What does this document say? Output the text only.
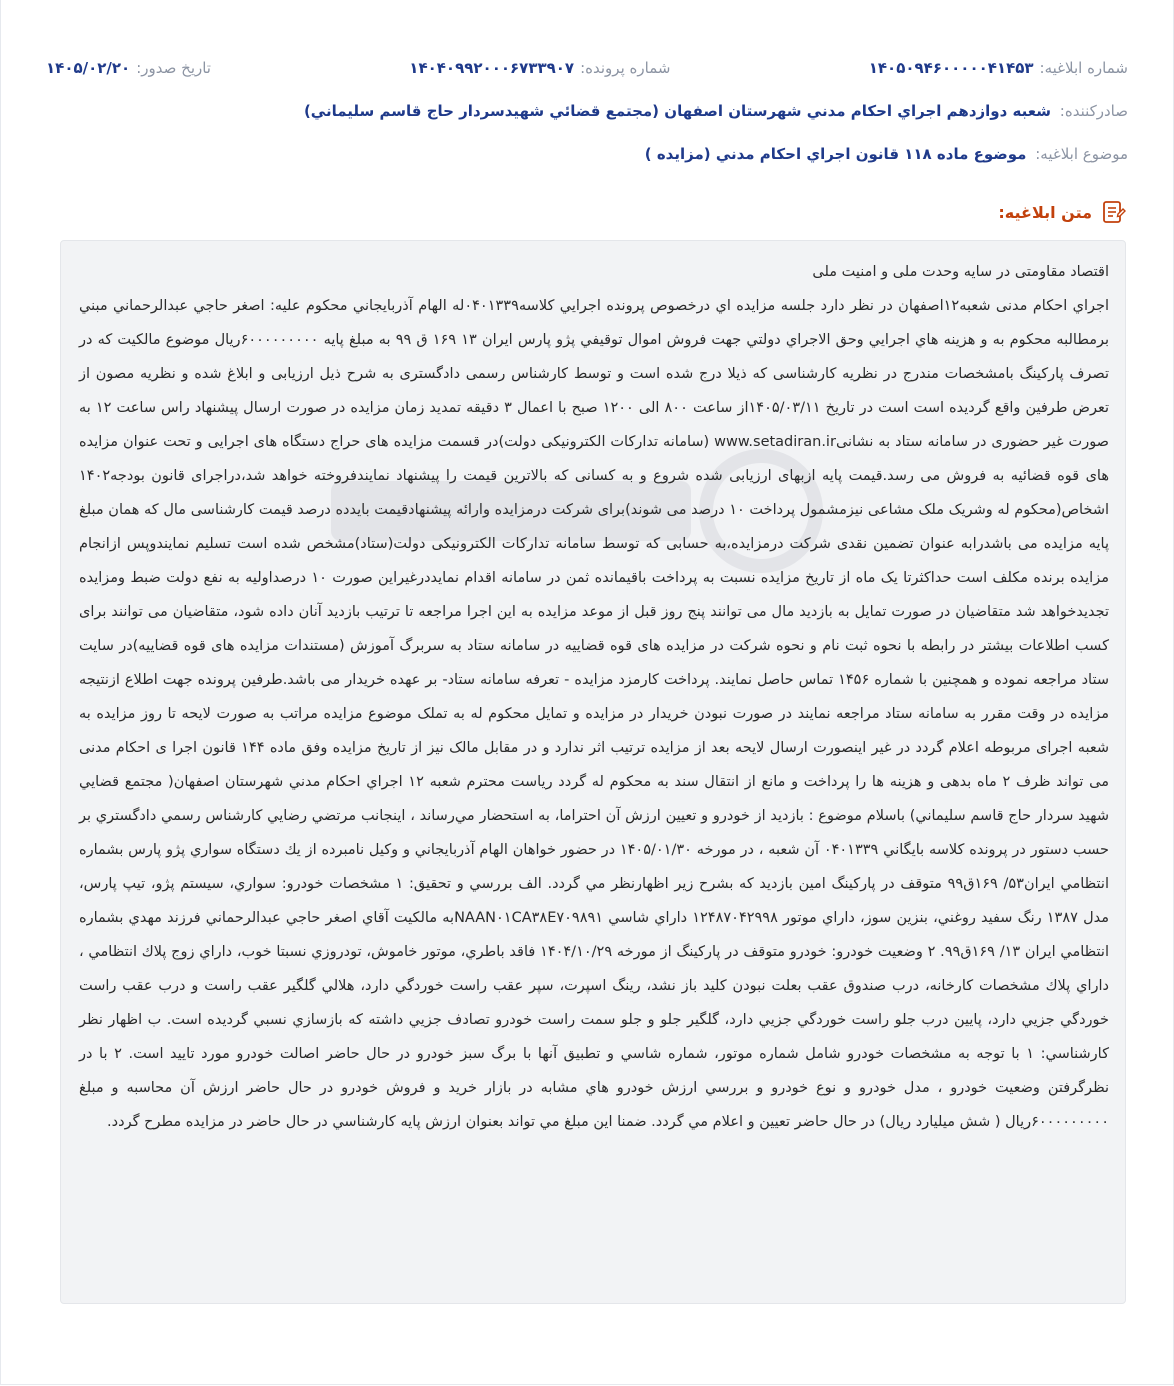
شماره ابلاغيه:
۱۴۰۵۰۹۴۶۰۰۰۰۰۴۱۴۵۳
شماره پرونده:
۱۴۰۴۰۹۹۲۰۰۰۶۷۳۳۹۰۷
تاريخ صدور:
۱۴۰۵/۰۲/۲۰
صادرکننده: شعبه دوازدهم اجراي احكام مدني شهرستان اصفهان (مجتمع قضائي شهيدسردار حاج قاسم سليماني)
موضوع ابلاغيه: موضوع ماده ۱۱۸ قانون اجراي احكام مدني (مزايده )
متن ابلاغيه:

اقتصاد مقاومتی در سایه وحدت ملی و امنیت ملی

اجراي احكام مدنی شعبه۱۲اصفهان در نظر دارد جلسه مزايده اي درخصوص پرونده اجرايي كلاسه۰۴۰۱۳۳۹له الهام آذربايجاني محكوم عليه: اصغر حاجي عبدالرحماني مبني برمطالبه محكوم به و هزينه هاي اجرايي وحق الاجراي دولتي جهت فروش اموال توقيفي پژو پارس ايران ۱۳ ۱۶۹ ق ۹۹ به مبلغ پايه ۶۰۰۰۰۰۰۰۰۰ريال موضوع مالكيت كه در تصرف پاركينگ بامشخصات مندرج در نظريه كارشناسی كه ذيلا درج شده است و توسط كارشناس رسمی دادگستری به شرح ذيل ارزيابی و ابلاغ شده و نظريه مصون از تعرض طرفين واقع گرديده است است در تاریخ ۱۴۰۵/۰۳/۱۱از ساعت ۸۰۰ الی ۱۲۰۰ صبح با اعمال ۳ دقيقه تمديد زمان مزايده در صورت ارسال پيشنهاد راس ساعت ۱۲ به صورت غير حضوری در سامانه ستاد به نشانیwww.setadiran.ir (سامانه تداركات الكترونيكی دولت)در قسمت مزايده های حراج دستگاه های اجرايی و تحت عنوان مزايده های قوه قضائيه به فروش می رسد.قيمت پايه ازبهای ارزيابی شده شروع و به كسانی كه بالاترين قيمت را پيشنهاد نمايندفروخته خواهد شد،دراجرای قانون بودجه۱۴۰۲ اشخاص(محكوم له وشريک ملک مشاعی نیزمشمول پرداخت ۱۰ درصد می شوند)برای شركت درمزايده وارائه پيشنهادقيمت بايدده درصد قيمت كارشناسی مال كه همان مبلغ پايه مزايده می باشدرابه عنوان تضمين نقدی شركت درمزايده،به حسابی كه توسط سامانه تداركات الكترونيكی دولت(ستاد)مشخص شده است تسليم نمايندوپس ازانجام مزايده برنده مكلف است حداكثرتا يک ماه از تاريخ مزايده نسبت به پرداخت باقيمانده ثمن در سامانه اقدام نمايددرغيراين صورت ۱۰ درصداوليه به نفع دولت ضبط ومزايده تجديدخواهد شد متقاضيان در صورت تمايل به بازديد مال می توانند پنج روز قبل از موعد مزايده به اين اجرا مراجعه تا ترتيب بازديد آنان داده شود، متقاضيان می توانند برای كسب اطلاعات بيشتر در رابطه با نحوه ثبت نام و نحوه شركت در مزايده های قوه قضاييه در سامانه ستاد به سربرگ آموزش (مستندات مزايده های قوه قضاييه)در سايت ستاد مراجعه نموده و همچنين با شماره ۱۴۵۶ تماس حاصل نمايند. پرداخت کارمزد مزایده - تعرفه سامانه ستاد- بر عهده خریدار می باشد.طرفین پرونده جهت اطلاع ازنتیجه مزایده در وقت مقرر به سامانه ستاد مراجعه نمایند در صورت نبودن خریدار در مزایده و تمایل محکوم له به تملک موضوع مزایده مراتب به صورت لایحه تا روز مزایده به شعبه اجرای مربوطه اعلام گردد در غیر اینصورت ارسال لایحه بعد از مزایده ترتیب اثر ندارد و در مقابل مالک نیز از تاریخ مزایده وفق ماده ۱۴۴ قانون اجرا ی احکام مدنی می تواند ظرف ۲ ماه بدهی و هزینه ها را پرداخت و مانع از انتقال سند به محکوم له گردد ریاست محترم شعبه ۱۲ اجراي احكام مدني شهرستان اصفهان( مجتمع قضايي شهيد سردار حاج قاسم سليماني) باسلام موضوع : بازديد از خودرو و تعيين ارزش آن احتراما، به استحضار مي‌رساند ، اينجانب مرتضي رضايي كارشناس رسمي دادگستري بر حسب دستور در پرونده كلاسه بايگاني ۰۴۰۱۳۳۹ آن شعبه ، در مورخه ۱۴۰۵/۰۱/۳۰ در حضور خواهان الهام آذربايجاني و وكيل نامبرده از يك دستگاه سواري پژو پارس بشماره انتظامي ايران۵۳/ ۱۶۹ق۹۹ متوقف در پاركينگ امين بازديد كه بشرح زير اظهارنظر مي گردد. الف بررسي و تحقيق: ۱ مشخصات خودرو: سواري، سيستم پژو، تيپ پارس، مدل ۱۳۸۷ رنگ سفيد روغني، بنزين سوز، داراي موتور ۱۲۴۸۷۰۴۲۹۹۸ داراي شاسي NAAN۰۱CA۳۸E۷۰۹۸۹۱به مالكيت آقاي اصغر حاجي عبدالرحماني فرزند مهدي بشماره انتظامي ايران ۱۳/ ۱۶۹ق۹۹. ۲ وضعيت خودرو: خودرو متوقف در پاركينگ از مورخه ۱۴۰۴/۱۰/۲۹ فاقد باطري، موتور خاموش، تودروزي نسبتا خوب، داراي زوج پلاك انتظامي ، داراي پلاك مشخصات كارخانه، درب صندوق عقب بعلت نبودن كليد باز نشد، رينگ اسپرت، سپر عقب راست خوردگي دارد، هلالي گلگير عقب راست و درب عقب راست خوردگي جزيي دارد، پايين درب جلو راست خوردگي جزيي دارد، گلگير جلو و جلو سمت راست خودرو تصادف جزيي داشته كه بازسازي نسبي گرديده است. ب اظهار نظر كارشناسي: ۱ با توجه به مشخصات خودرو شامل شماره موتور، شماره شاسي و تطبيق آنها با برگ سبز خودرو در حال حاضر اصالت خودرو مورد تاييد است. ۲ با در نظرگرفتن وضعيت خودرو ، مدل خودرو و نوع خودرو و بررسي ارزش خودرو هاي مشابه در بازار خريد و فروش خودرو در حال حاضر ارزش آن محاسبه و مبلغ ۶۰۰۰۰۰۰۰۰۰ريال ( شش ميليارد ريال) در حال حاضر تعيين و اعلام مي گردد. ضمنا اين مبلغ مي تواند بعنوان ارزش پايه كارشناسي در حال حاضر در مزايده مطرح گردد.
